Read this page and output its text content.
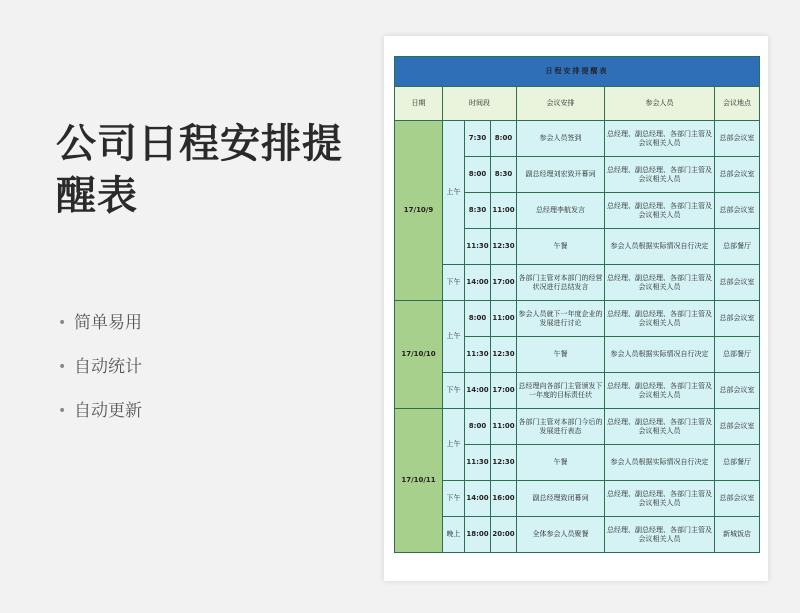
公司日程安排提醒表
• 简单易用
• 自动统计
• 自动更新
日程安排提醒表						
日期	时间段			会议安排	参会人员	会议地点
17/10/9	上午	7:30	8:00	参会人员签到	总经理、副总经理、各部门主管及会议相关人员	总部会议室
		8:00	8:30	副总经理刘宏致开幕词	总经理、副总经理、各部门主管及会议相关人员	总部会议室
		8:30	11:00	总经理李航发言	总经理、副总经理、各部门主管及会议相关人员	总部会议室
		11:30	12:30	午餐	参会人员根据实际情况自行决定	总部餐厅
	下午	14:00	17:00	各部门主管对本部门的经营状况进行总结发言	总经理、副总经理、各部门主管及会议相关人员	总部会议室
17/10/10	上午	8:00	11:00	参会人员就下一年度企业的发展进行讨论	总经理、副总经理、各部门主管及会议相关人员	总部会议室
		11:30	12:30	午餐	参会人员根据实际情况自行决定	总部餐厅
	下午	14:00	17:00	总经理向各部门主管颁发下一年度的目标责任状	总经理、副总经理、各部门主管及会议相关人员	总部会议室
17/10/11	上午	8:00	11:00	各部门主管对本部门今后的发展进行表态	总经理、副总经理、各部门主管及会议相关人员	总部会议室
		11:30	12:30	午餐	参会人员根据实际情况自行决定	总部餐厅
	下午	14:00	16:00	副总经理致闭幕词	总经理、副总经理、各部门主管及会议相关人员	总部会议室
	晚上	18:00	20:00	全体参会人员聚餐	总经理、副总经理、各部门主管及会议相关人员	新城饭店
